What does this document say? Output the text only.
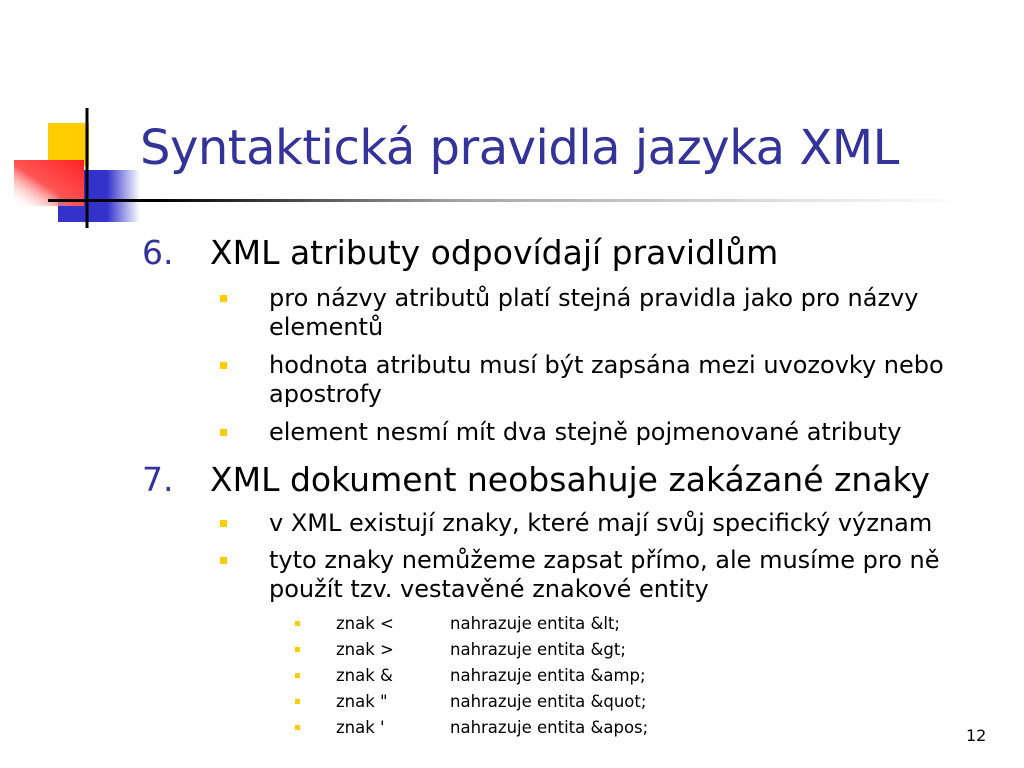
Syntaktická pravidla jazyka XML
6. XML atributy odpovídají pravidlům
pro názvy atributů platí stejná pravidla jako pro názvy elementů
hodnota atributu musí být zapsána mezi uvozovky nebo apostrofy
element nesmí mít dva stejně pojmenované atributy
7. XML dokument neobsahuje zakázané znaky
v XML existují znaky, které mají svůj specifický význam
tyto znaky nemůžeme zapsat přímo, ale musíme pro ně použít tzv. vestavěné znakové entity
znak <	nahrazuje entita &lt;
znak >	nahrazuje entita &gt;
znak &	nahrazuje entita &amp;
znak "	nahrazuje entita &quot;
znak '	nahrazuje entita &apos;	12
